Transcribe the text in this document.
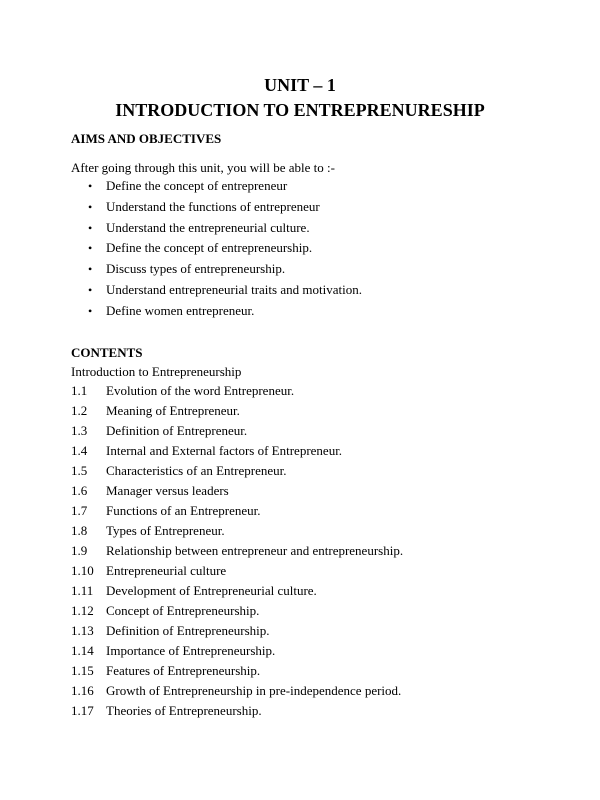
UNIT – 1
INTRODUCTION TO ENTREPRENURESHIP
AIMS AND OBJECTIVES
After going through this unit, you will be able to :-
•	Define the concept of entrepreneur
•	Understand the functions of entrepreneur
•	Understand the entrepreneurial culture.
•	Define the concept of entrepreneurship.
•	Discuss types of entrepreneurship.
•	Understand entrepreneurial traits and motivation.
•	Define women entrepreneur.
CONTENTS
Introduction to Entrepreneurship
1.1 Evolution of the word Entrepreneur.
1.2 Meaning of Entrepreneur.
1.3 Definition of Entrepreneur.
1.4 Internal and External factors of Entrepreneur.
1.5 Characteristics of an Entrepreneur.
1.6 Manager versus leaders
1.7 Functions of an Entrepreneur.
1.8 Types of Entrepreneur.
1.9 Relationship between entrepreneur and entrepreneurship.
1.10 Entrepreneurial culture
1.11 Development of Entrepreneurial culture.
1.12 Concept of Entrepreneurship.
1.13 Definition of Entrepreneurship.
1.14 Importance of Entrepreneurship.
1.15 Features of Entrepreneurship.
1.16 Growth of Entrepreneurship in pre-independence period.
1.17 Theories of Entrepreneurship.
